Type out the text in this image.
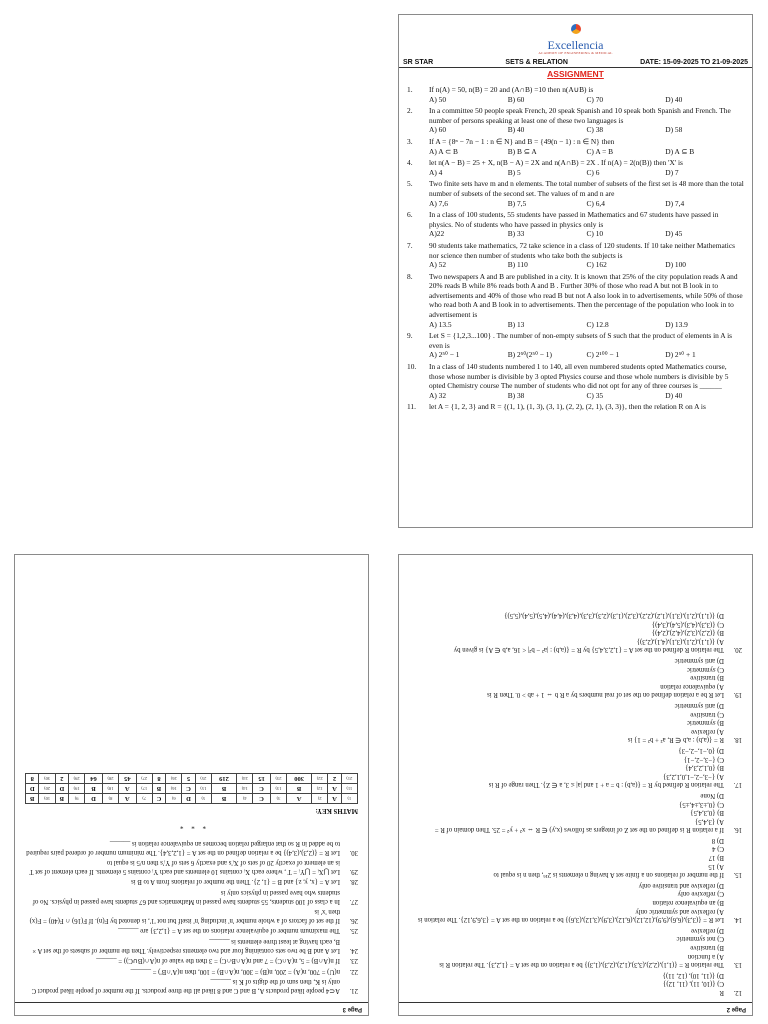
Excellencia
ACADEMY OF ENGINEERING & MEDICAL
SR STAR	SETS & RELATION	DATE: 15-09-2025 TO 21-09-2025
ASSIGNMENT
1.	If n(A) = 50, n(B) = 20 and (A∩B) =10 then n(A∪B) is
A) 50	B) 60	C) 70	D) 40
2.	In a committee 50 people speak French, 20 speak Spanish and 10 speak both Spanish and French. The number of persons speaking at least one of these two languages is
A) 60	B) 40	C) 38	D) 58
3.	If A = {8ⁿ − 7n − 1 : n ∈ N} and B = {49(n − 1) : n ∈ N} then
A) A ⊂ B	B) B ⊆ A	C) A = B	D) A ⊆ B
4.	let n(A − B) = 25 + X, n(B − A) = 2X and n(A∩B) = 2X . If n(A) = 2(n(B)) then 'X' is
A) 4	B) 5	C) 6	D) 7
5.	Two finite sets have m and n elements. The total number of subsets of the first set is 48 more than the total number of subsets of the second set. The values of m and n are
A) 7,6	B) 7,5	C) 6,4	D) 7,4
6.	In a class of 100 students, 55 students have passed in Mathematics and 67 students have passed in physics. No of students who have passed in physics only is
A)22	B) 33	C) 10	D) 45
7.	90 students take mathematics, 72 take science in a class of 120 students. If 10 take neither Mathematics nor science then number of students who take both the subjects is
A) 52	B) 110	C) 162	D) 100
8.	Two newspapers A and B are published in a city. It is known that 25% of the city population reads A and 20% reads B while 8% reads both A and B . Further 30% of those who read A but not B look in to advertisements and 40% of those who read B but not A also look in to advertisements, while 50% of those who read both A and B look in to advertisements. Then the percentage of the population who look in to advertisement is
A) 13.5	B) 13	C) 12.8	D) 13.9
9.	Let S = {1,2,3...100} . The number of non-empty subsets of S such that the product of elements in A is even is
A) 2⁵⁰ − 1	B) 2⁵⁰(2⁵⁰ − 1)	C) 2¹⁰⁰ − 1	D) 2⁵⁰ + 1
10.	In a class of 140 students numbered 1 to 140, all even numbered students opted Mathematics course, those whose number is divisible by 3 opted Physics course and those whole numbers is divisible by 5 opted Chemistry course The number of students who did not opt for any of three courses is ______
A) 32	B) 38	C) 35	D) 40
11.	let A = {1, 2, 3} and R = {(1, 1), (1, 3), (3, 1), (2, 2), (2, 1), (3, 3)}, then the relation R on A is
Page 3
21.
A⊂4 people liked products A, B and C and 8 liked all the three products. If the number of people liked product C only is K, then sum of the digits of K is ______
22.
n(U) = 700, n(A) = 200, n(B) = 300, n(A∩B) = 100, then n(A'∩B') = ______
23.
If n(A∩B) = 5, n(A∩C) = 7 and n(A∩B∩C) = 3 then the value of n(A∩(B∪C)) = ______
24.
Let A and B be two sets containing four and two elements respectively. Then the number of subsets of the set A × B, each having at least three elements is ______
25.
The maximum number of equivalence relations on the set A = {1,2,3} are ______
26.
If the set of factors of a whole number 'n' including 'n' itself but not '1', is denoted by F(n). If F(16) ∩ F(40) = F(x) then 'x' is
27.
In a class of 100 students, 55 students have passed in Mathematics and 67 students have passed in physics. No of students who have passed in physics only is
28.
Let A = {x, y, z} and B = {1, 2}. Then the number of relations from A to B is
29.
Let ⋃Xᵢ = ⋃Yᵢ = T , where each Xᵢ contains 10 elements and each Yᵢ contains 5 elements. If each element of set T is an element of exactly 20 of sets of Xᵢ's and exactly 6 sets of Yᵢ's then n/5 is equal to
30.
Let R = {(2,3),(3,4)} be a relation defined on the set A = {1,2,3,4}. The minimum number of ordered pairs required to be added in R so that enlarged relation becomes an equivalence relation is ______
* * *
MATHS KEY:
1)	A	2)	A	3)	C	4)	B	5)	D	6)	C	7)	A	8)	D	9)	B	10)	B
11)	A	12)	B	13)	C	14)	B	15)	C	16)	B	17)	A	18)	B	19)	D	20)	D
21)	2	22)	300	23)	15	24)	219	25)	5	26)	8	27)	45	28)	64	29)	2	30)	8
Page 2
12.
R
C) {(10, 11), (11, 12)}
D) {(11, 10), (12, 11)}
13.
The relation R = {(1,1),(2,2),(3,3),(1,2),(2,3),(1,3)} be a relation on the set A = {1,2,3}. The relation R is
A) a function
B) transitive
C) not symmetric
D) reflexive
14.
Let R = {(3,3),(6,6),(9,9),(12,12),(6,12),(3,9),(3,12),(3,6)} be a relation on the set A = {3,6,9,12}. The relation is
A) reflexive and symmetric only
B) an equivalence relation
C) reflexive only
D) reflexive and transitive only
15.
If the number of relations on a finite set A having n elements is 2¹⁶, then n is equal to
A) 15
B) 17
C) 4
D) 8
16.
If a relation R is defined on the set Z of integers as follows (x,y) ∈ R ⇔ x² + y² = 25. Then domain of R =
A) {3,4,5}
B) {0,3,4,5}
C) {0,±3,±4,±5}
D) None
17.
The relation R defined by R = {(a,b) : b = a + 1 and |a| ≤ 3, a ∈ Z}. Then range of R is
A) {−3,−2,−1,0,1,2,3}
B) {0,1,2,3,4}
C) {−3,−2,−1}
D) {0,−1,−2,−3}
18.
R = {(a,b) : a,b ∈ R, a² + b² = 1} is
A) reflexive
B) symmetric
C) transitive
D) anti symmetric
19.
Let R be a relation defined on the set of real numbers by a R b ⇔ 1 + ab > 0. Then R is
A) equivalence relation
B) transitive
C) symmetric
D) anti symmetric
20.
The relation R defined on the set A = {1,2,3,4,5} by R = {(a,b) : |a² − b²| < 16, a,b ∈ A} is given by
A) {(1,1),(2,1),(3,1),(4,1),(2,3)}
B) {(2,2),(3,2),(4,2),(2,4)}
C) {(3,3),(4,3),(5,4),(3,4)}
D) {(1,1),(2,1),(3,1),(1,2),(2,2),(3,2),(1,3),(2,3),(3,3),(4,3),(4,4),(4,5),(5,4),(5,5)}
